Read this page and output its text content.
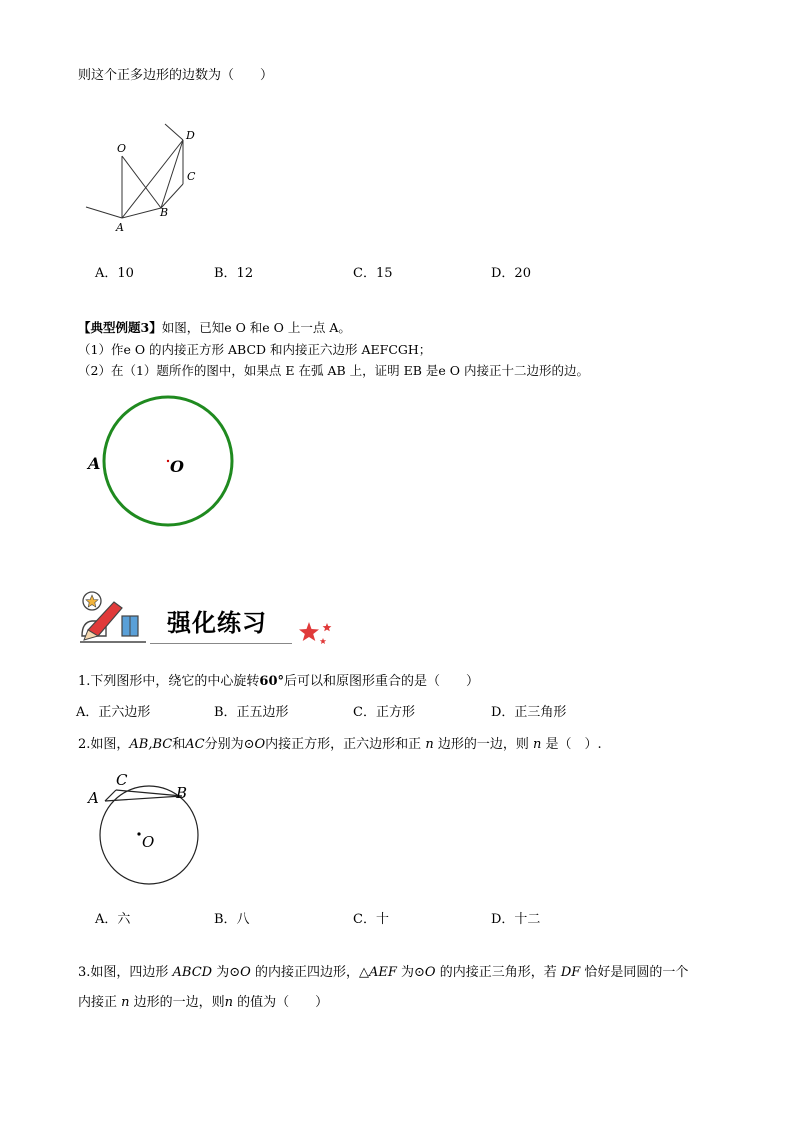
则这个正多边形的边数为（　　）
O
A
B
C
D
A．10	B．12	C．15	D．20
【典型例题3】如图，已知e O 和e O 上一点 A。
（1）作e O 的内接正方形 ABCD 和内接正六边形 AEFCGH；
（2）在（1）题所作的图中，如果点 E 在弧 AB 上，证明 EB 是e O 内接正十二边形的边。
A	O
强化练习
1.下列图形中，绕它的中心旋转60°后可以和原图形重合的是（　　）
A．正六边形	B．正五边形	C．正方形	D．正三角形
2.如图，AB,BC和AC分别为⊙O内接正方形，正六边形和正 n 边形的一边，则 n 是（　）.
A
C
B
O
A．六	B．八	C．十	D．十二
3.如图，四边形 ABCD 为⊙O 的内接正四边形，△AEF 为⊙O 的内接正三角形，若 DF 恰好是同圆的一个
内接正 n 边形的一边，则n 的值为（　　）
